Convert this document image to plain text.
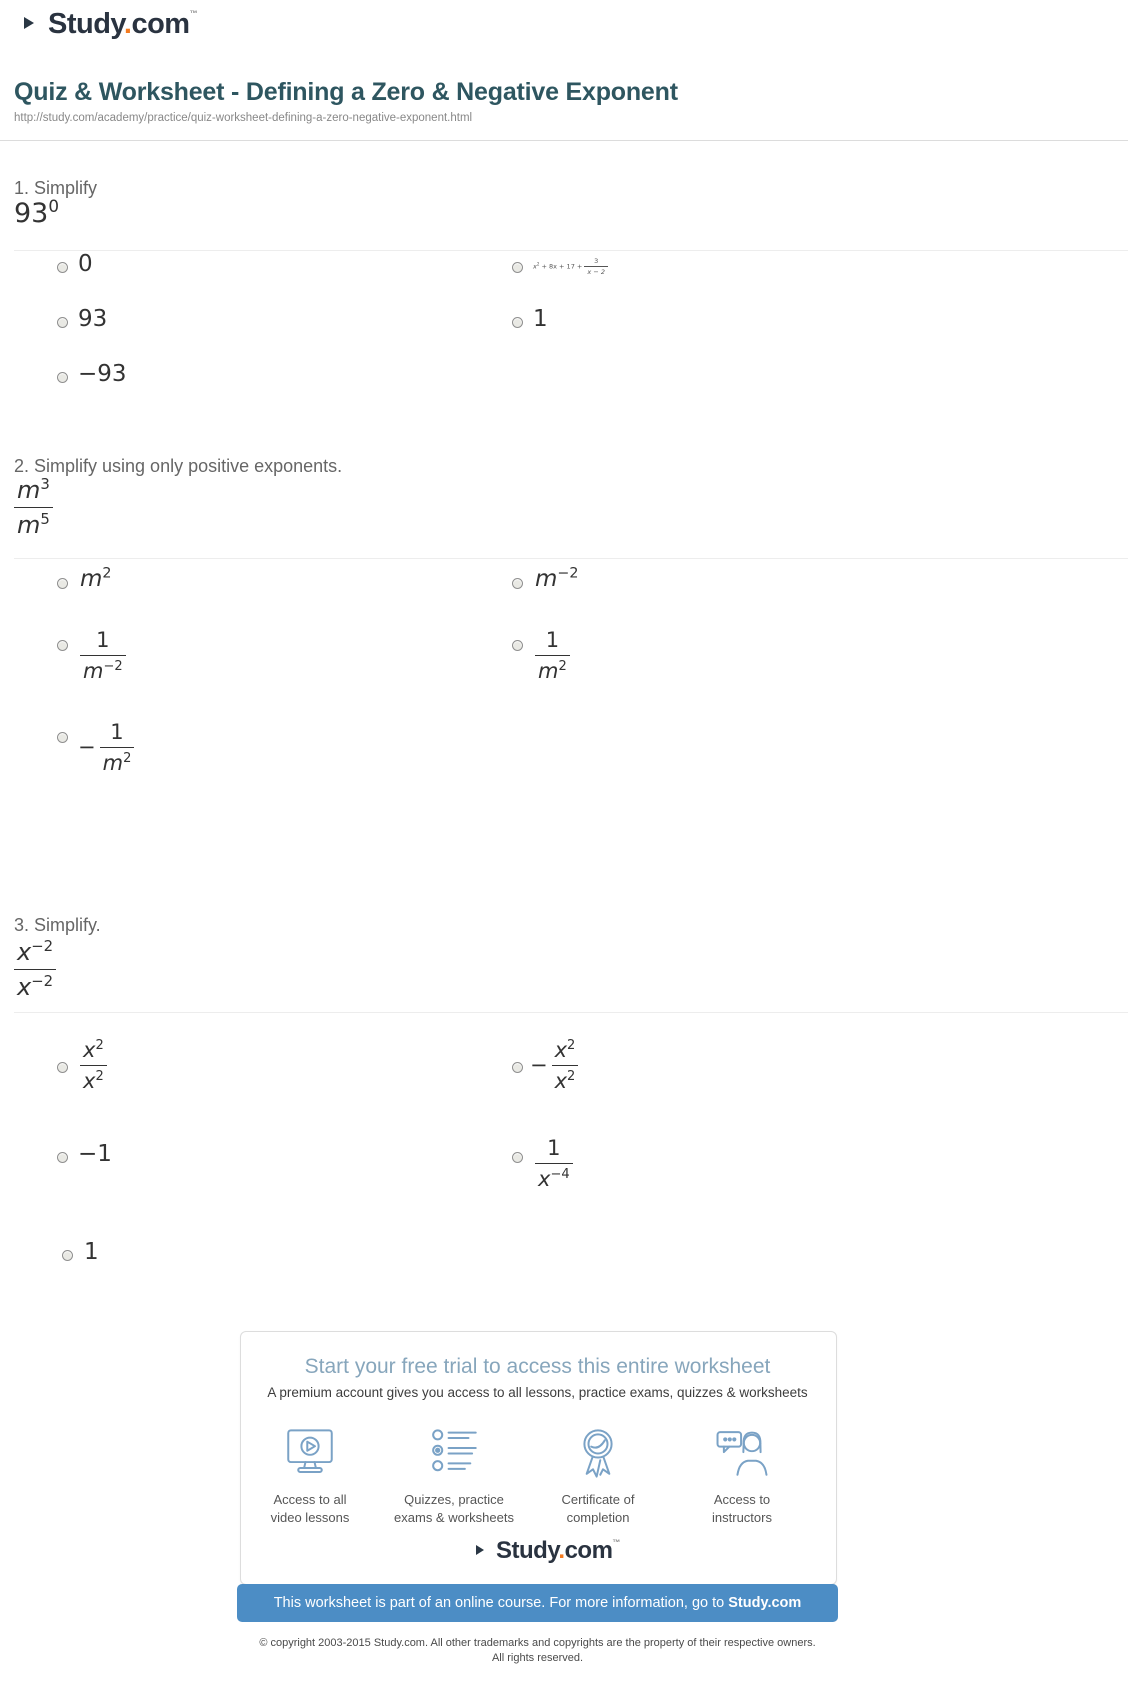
Study.com™
Quiz & Worksheet - Defining a Zero & Negative Exponent
http://study.com/academy/practice/quiz-worksheet-defining-a-zero-negative-exponent.html
1. Simplify
$93^0$
0	$x^2 + 8x + 17 + \frac{3}{x - 2}$
93	1
−93
2. Simplify using only positive exponents.
$\frac{m^3}{m^5}$
$m^2$	$m^{-2}$
$\frac{1}{m^{-2}}$	$\frac{1}{m^2}$
− $\frac{1}{m^2}$
3. Simplify.
$\frac{x^{-2}}{x^{-2}}$
$\frac{x^2}{x^2}$	− $\frac{x^2}{x^2}$
−1	$\frac{1}{x^{-4}}$
1
Start your free trial to access this entire worksheet
A premium account gives you access to all lessons, practice exams, quizzes & worksheets
Access to all
video lessons
Quizzes, practice
exams & worksheets
Certificate of
completion
Access to
instructors
Study.com™
This worksheet is part of an online course. For more information, go to Study.com
© copyright 2003-2015 Study.com. All other trademarks and copyrights are the property of their respective owners.
All rights reserved.
